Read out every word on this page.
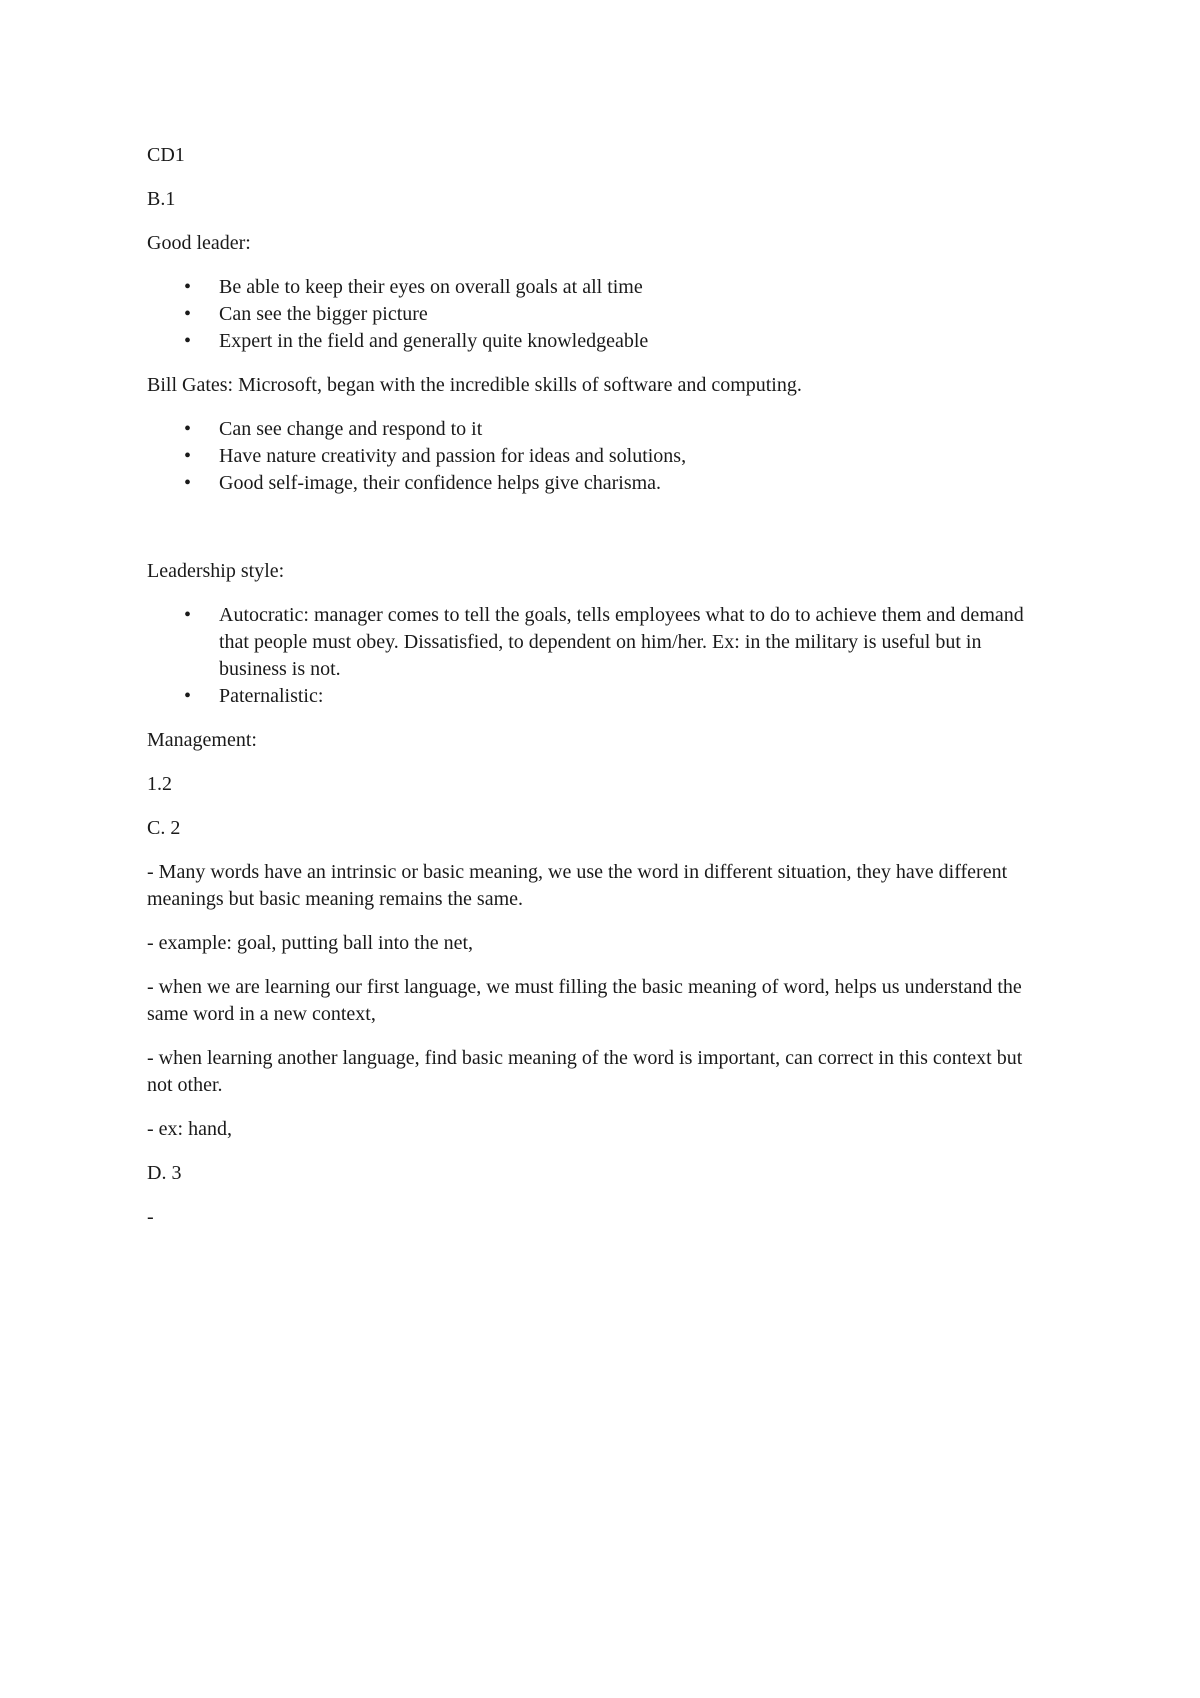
CD1

B.1

Good leader:

• Be able to keep their eyes on overall goals at all time
• Can see the bigger picture
• Expert in the field and generally quite knowledgeable

Bill Gates: Microsoft, began with the incredible skills of software and computing.

• Can see change and respond to it
• Have nature creativity and passion for ideas and solutions,
• Good self-image, their confidence helps give charisma.

Leadership style:

• Autocratic: manager comes to tell the goals, tells employees what to do to achieve them and demand that people must obey. Dissatisfied, to dependent on him/her. Ex: in the military is useful but in business is not.
• Paternalistic:

Management:

1.2

C. 2

- Many words have an intrinsic or basic meaning, we use the word in different situation, they have different meanings but basic meaning remains the same.

- example: goal, putting ball into the net,

- when we are learning our first language, we must filling the basic meaning of word, helps us understand the same word in a new context,

- when learning another language, find basic meaning of the word is important, can correct in this context but not other.

- ex: hand,

D. 3

-
